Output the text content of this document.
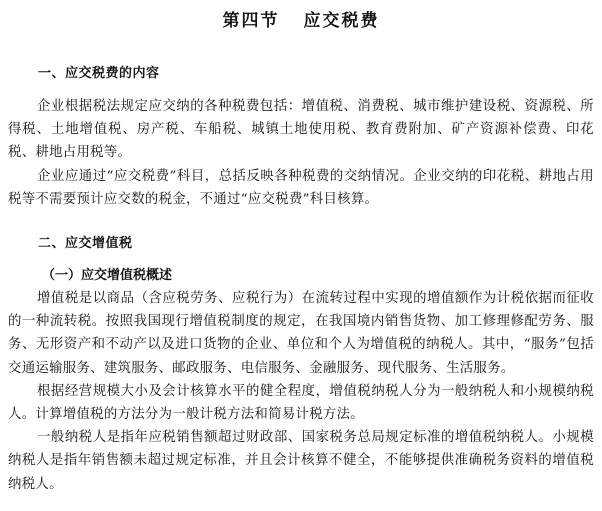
第四节 应交税费
一、应交税费的内容

企业根据税法规定应交纳的各种税费包括：增值税、消费税、城市维护建设税、资源税、所得税、土地增值税、房产税、车船税、城镇土地使用税、教育费附加、矿产资源补偿费、印花税、耕地占用税等。

企业应通过“应交税费”科目，总括反映各种税费的交纳情况。企业交纳的印花税、耕地占用税等不需要预计应交数的税金，不通过“应交税费”科目核算。

二、应交增值税
（一）应交增值税概述

增值税是以商品（含应税劳务、应税行为）在流转过程中实现的增值额作为计税依据而征收的一种流转税。按照我国现行增值税制度的规定，在我国境内销售货物、加工修理修配劳务、服务、无形资产和不动产以及进口货物的企业、单位和个人为增值税的纳税人。其中，“服务”包括交通运输服务、建筑服务、邮政服务、电信服务、金融服务、现代服务、生活服务。

根据经营规模大小及会计核算水平的健全程度，增值税纳税人分为一般纳税人和小规模纳税人。计算增值税的方法分为一般计税方法和简易计税方法。

一般纳税人是指年应税销售额超过财政部、国家税务总局规定标准的增值税纳税人。小规模纳税人是指年销售额未超过规定标准，并且会计核算不健全，不能够提供准确税务资料的增值税纳税人。
